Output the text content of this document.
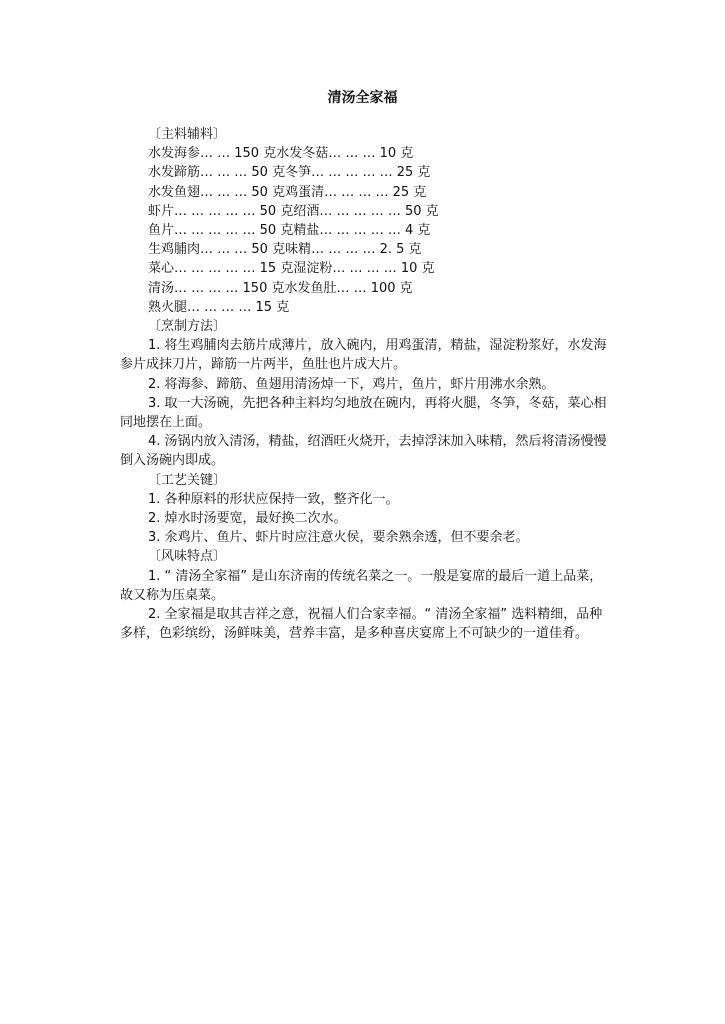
清汤全家福
〔主料辅料〕
水发海参… … 150 克水发冬菇… … … 10 克
水发蹄筋… … … 50 克冬笋… … … … … 25 克
水发鱼翅… … … 50 克鸡蛋清… … … … 25 克
虾片… … … … … 50 克绍酒… … … … … 50 克
鱼片… … … … … 50 克精盐… … … … … 4 克
生鸡脯肉… … … 50 克味精… … … … 2. 5 克
菜心… … … … … 15 克湿淀粉… … … … 10 克
清汤… … … … 150 克水发鱼肚… … 100 克
熟火腿… … … … 15 克
〔烹制方法〕

1. 将生鸡脯肉去筋片成薄片，放入碗内，用鸡蛋清，精盐，湿淀粉浆好，水发海参片成抹刀片，蹄筋一片两半，鱼肚也片成大片。

2. 将海参、蹄筋、鱼翅用清汤焯一下，鸡片，鱼片，虾片用沸水余熟。

3. 取一大汤碗，先把各种主料均匀地放在碗内，再将火腿，冬笋，冬菇，菜心相同地摆在上面。

4. 汤锅内放入清汤，精盐，绍酒旺火烧开，去掉浮沫加入味精，然后将清汤慢慢倒入汤碗内即成。

〔工艺关键〕

1. 各种原料的形状应保持一致，整齐化一。

2. 焯水时汤要宽，最好换二次水。

3. 氽鸡片、鱼片、虾片时应注意火侯，要余熟余透，但不要余老。

〔风味特点〕

1. “ 清汤全家福” 是山东济南的传统名菜之一。一般是宴席的最后一道上品菜，故又称为压桌菜。

2. 全家福是取其吉祥之意，祝福人们合家幸福。“ 清汤全家福” 选料精细，品种多样，色彩缤纷，汤鲜味美，营养丰富，是多种喜庆宴席上不可缺少的一道佳肴。
